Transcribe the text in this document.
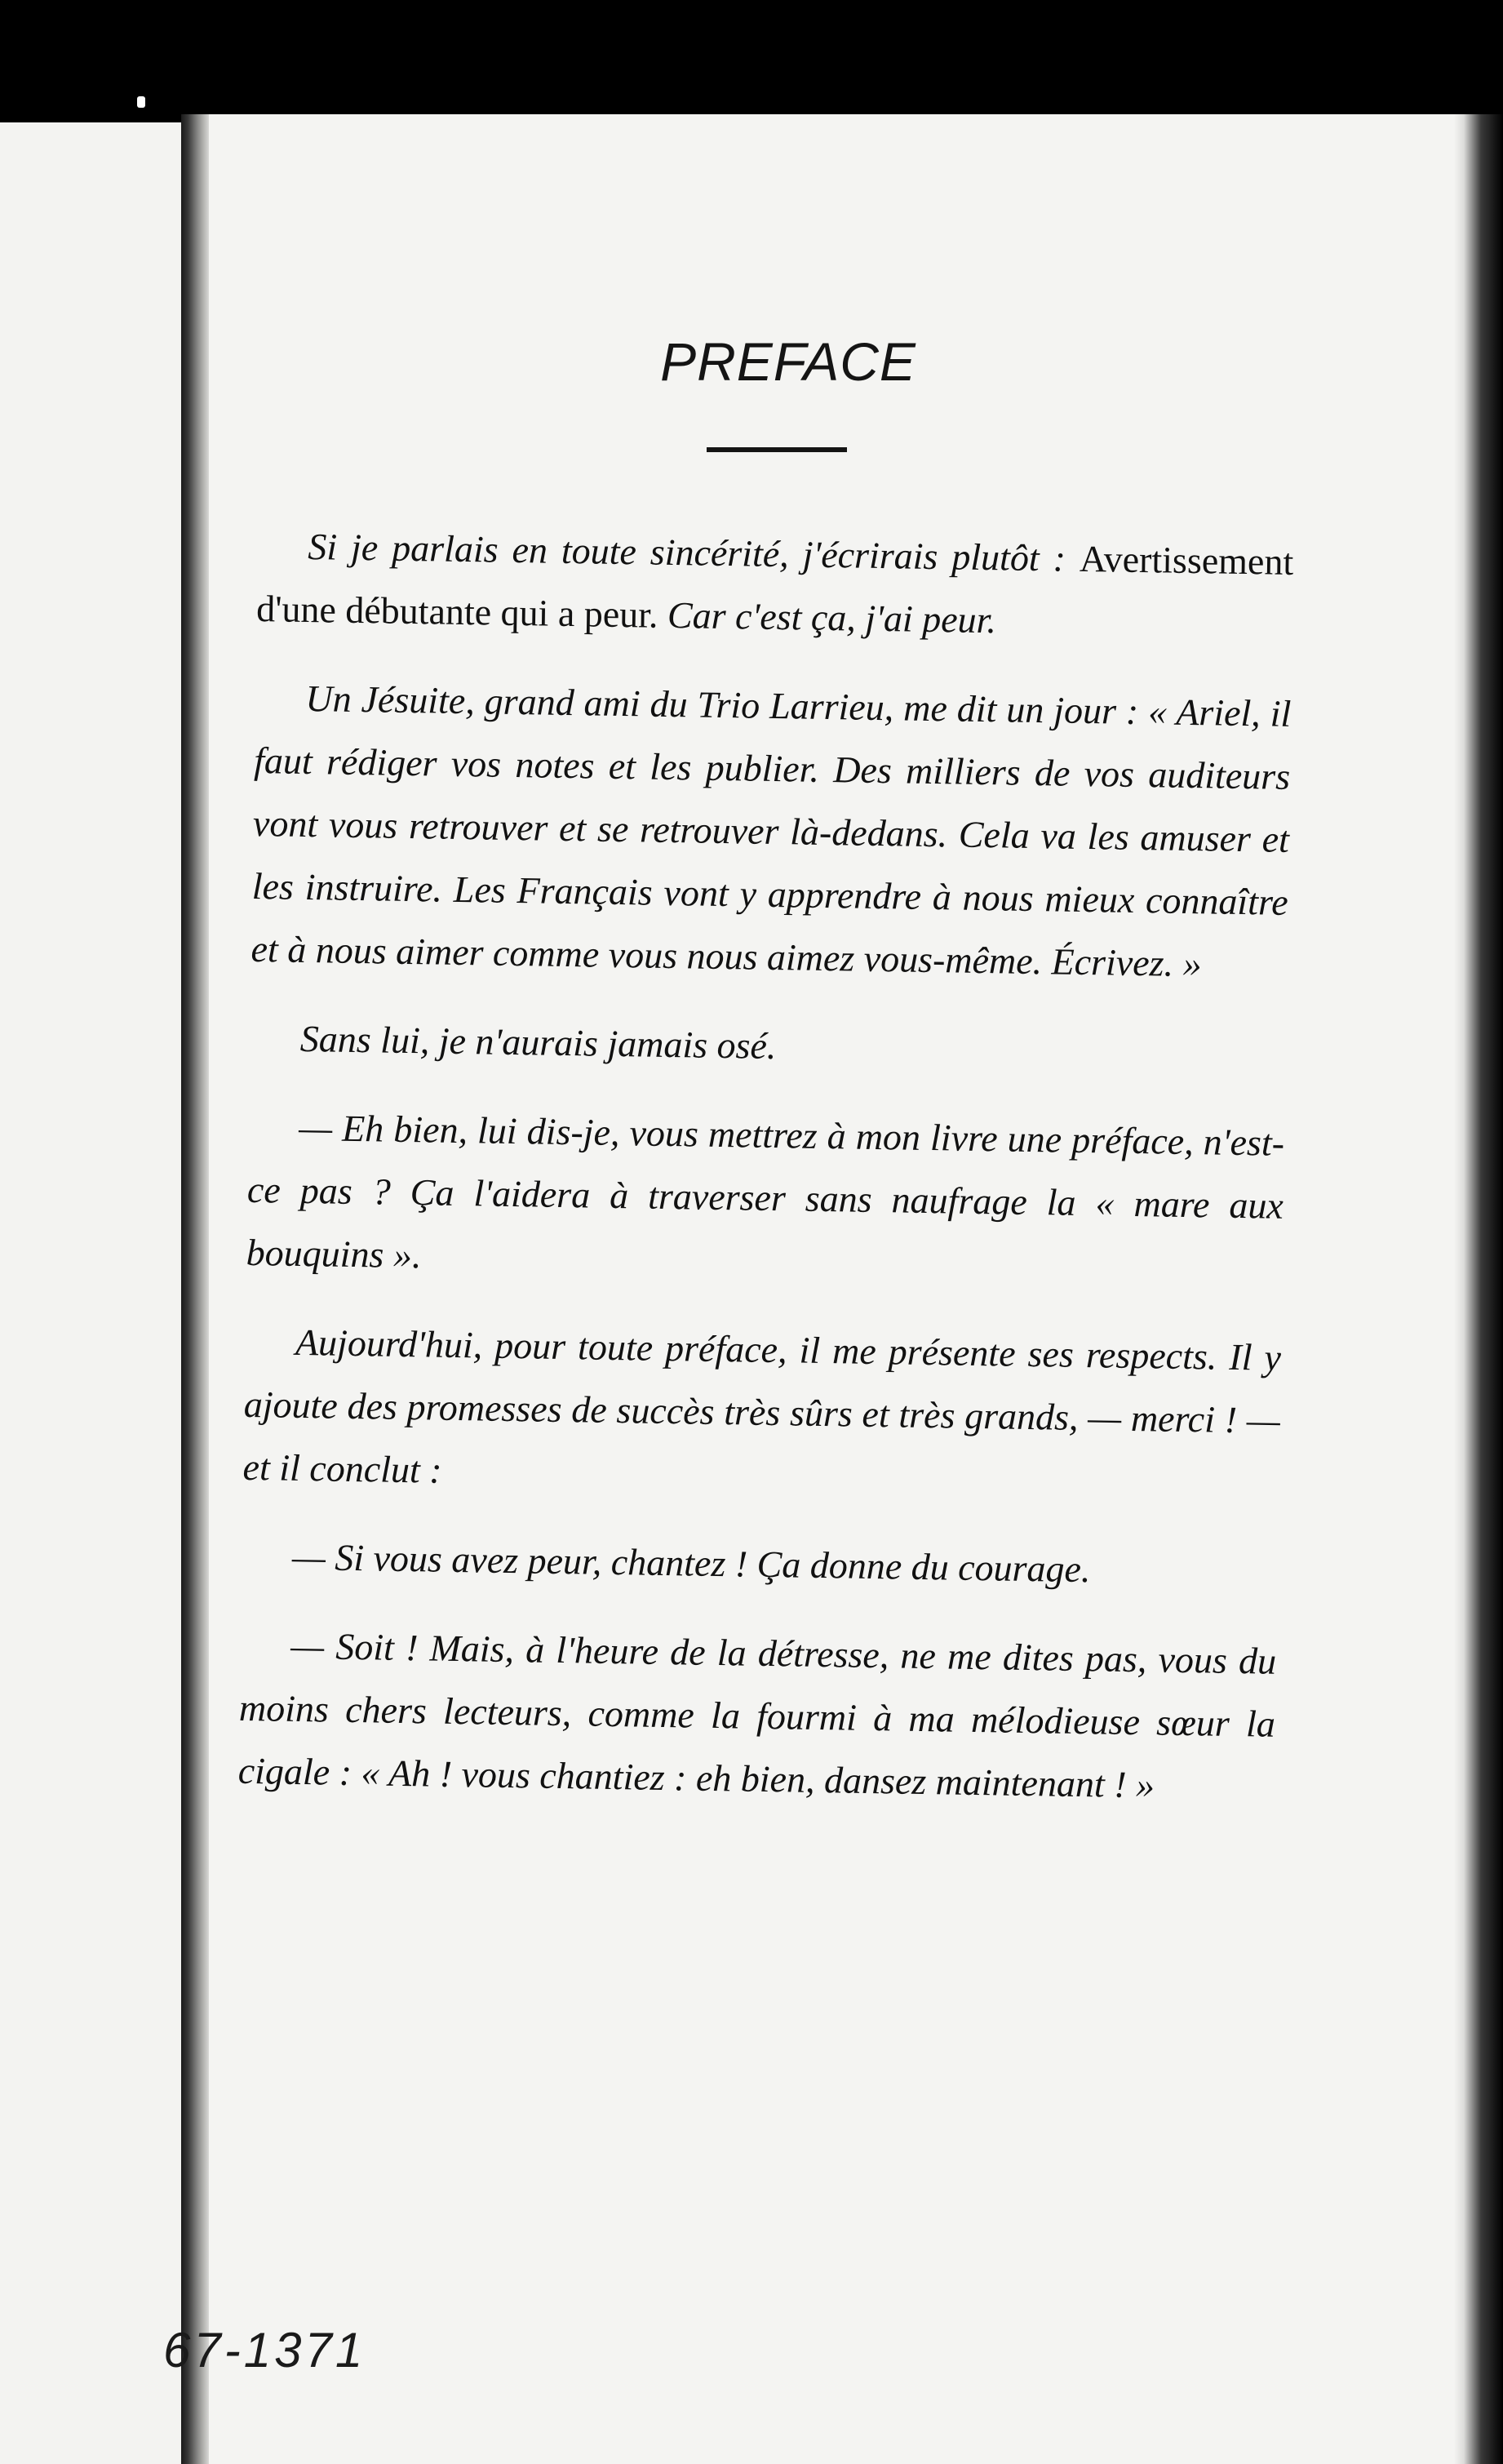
PREFACE

Si je parlais en toute sincérité, j'écrirais plutôt : Avertissement d'une débutante qui a peur. Car c'est ça, j'ai peur.

Un Jésuite, grand ami du Trio Larrieu, me dit un jour : « Ariel, il faut rédiger vos notes et les publier. Des milliers de vos auditeurs vont vous retrouver et se retrouver là-dedans. Cela va les amuser et les instruire. Les Français vont y apprendre à nous mieux connaître et à nous aimer comme vous nous aimez vous-même. Écrivez. »

Sans lui, je n'aurais jamais osé.

— Eh bien, lui dis-je, vous mettrez à mon livre une préface, n'est-ce pas ? Ça l'aidera à traverser sans naufrage la « mare aux bouquins ».

Aujourd'hui, pour toute préface, il me présente ses respects. Il y ajoute des promesses de succès très sûrs et très grands, — merci ! — et il conclut :

— Si vous avez peur, chantez ! Ça donne du courage.

— Soit ! Mais, à l'heure de la détresse, ne me dites pas, vous du moins chers lecteurs, comme la fourmi à ma mélodieuse sœur la cigale : « Ah ! vous chantiez : eh bien, dansez maintenant ! »

67-1371
